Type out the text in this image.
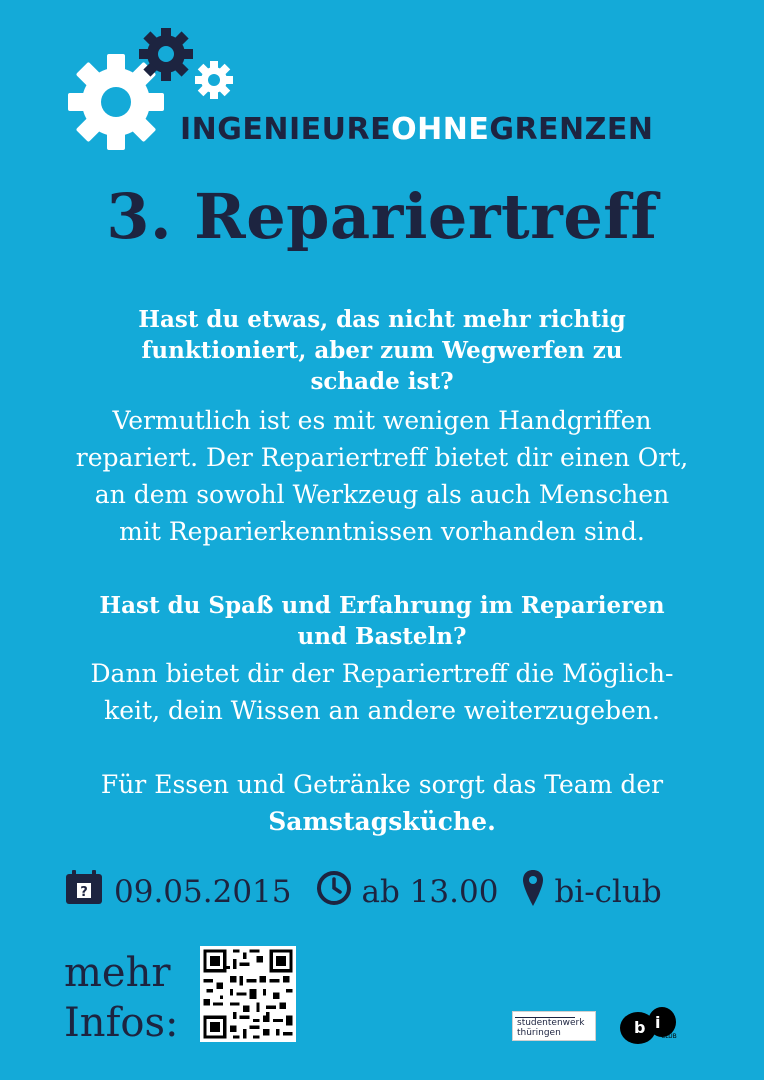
INGENIEUREOHNEGRENZEN
3. Repariertreff
Hast du etwas, das nicht mehr richtig
funktioniert, aber zum Wegwerfen zu
schade ist?
Vermutlich ist es mit wenigen Handgriffen
repariert. Der Repariertreff bietet dir einen Ort,
an dem sowohl Werkzeug als auch Menschen
mit Reparierkenntnissen vorhanden sind.
Hast du Spaß und Erfahrung im Reparieren
und Basteln?
Dann bietet dir der Repariertreff die Möglich-
keit, dein Wissen an andere weiterzugeben.
Für Essen und Getränke sorgt das Team der
Samstagsküche.
? 09.05.2015 ab 13.00 bi-club
mehr
Infos:	studentenwerk
thüringen	b i
CLUB
